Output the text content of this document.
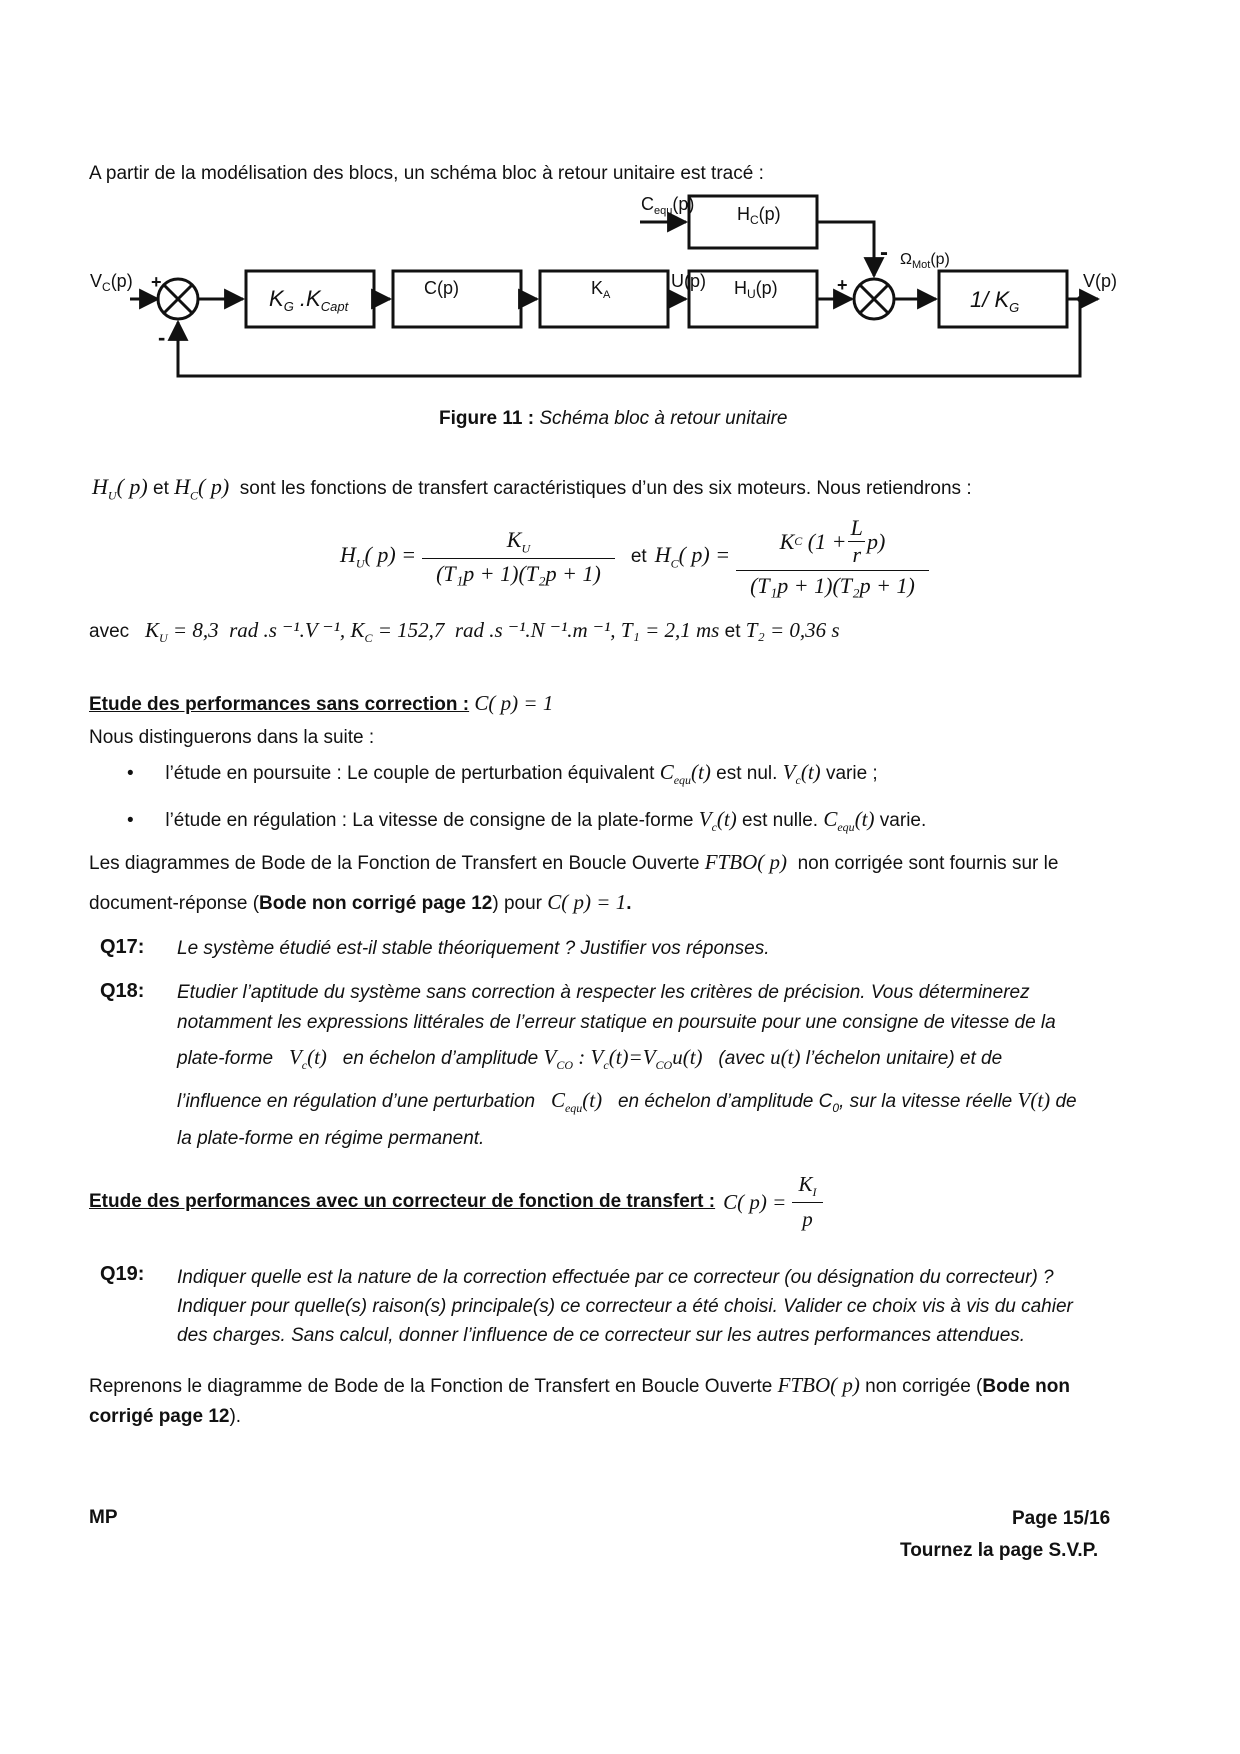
A partir de la modélisation des blocs, un schéma bloc à retour unitaire est tracé :
$V_C(p)$ +
-
$K_G$ $.K_{Capt}$
C(p)	$K_A$
U(p) $H_U(p)$
$H_C(p)$
$C_{equ}(p)$
$\Omega_{Mot}(p)$
+
-
1/ $K_G$
V(p)
Figure 11 : Schéma bloc à retour unitaire
$H_U$( p) et $H_C$( p) sont les fonctions de transfert caractéristiques d’un des six moteurs. Nous retiendrons :
$H_U$( $p) = \frac{K_U}{\text{(T₁p + 1)(T₂p + 1)}}$ et $H_C$( $p) = \frac{K C (1 + \frac{L}{r} p)}{\text{(T₁p + 1)(T₂p + 1)}}$
avec $K_U = 8,3$  rad .s ⁻¹.V ⁻¹, $K_C = 152,7$  rad .s ⁻¹.N ⁻¹.m ⁻¹, T₁ = 2,1 ms et T₂ = 0,36 s
Etude des performances sans correction : C( p) = 1
Nous distinguerons dans la suite :
• l’étude en poursuite : Le couple de perturbation équivalent $C_{equ}(t)$ est nul. $V_c(t)$ varie ;
• l’étude en régulation : La vitesse de consigne de la plate-forme $V_c(t)$ est nulle. $C_{equ}(t)$ varie.
Les diagrammes de Bode de la Fonction de Transfert en Boucle Ouverte FTBO( p) non corrigée sont fournis sur le
document-réponse (Bode non corrigé page 12) pour C( p) = 1.
Q17: Le système étudié est-il stable théoriquement ? Justifier vos réponses.
Q18: Etudier l’aptitude du système sans correction à respecter les critères de précision. Vous déterminerez
notamment les expressions littérales de l’erreur statique en poursuite pour une consigne de vitesse de la
plate-forme $V_c(t)$ en échelon d’amplitude $V_{CO}$ : $V_c(t)=V_{CO}u(t)$ (avec u(t) l’échelon unitaire) et de
l’influence en régulation d’une perturbation $C_{equ}(t)$ en échelon d’amplitude $C_0$, sur la vitesse réelle V(t) de
la plate-forme en régime permanent.
Etude des performances avec un correcteur de fonction de transfert : C( $p) = \frac{K_I}{p}$
Q19: Indiquer quelle est la nature de la correction effectuée par ce correcteur (ou désignation du correcteur) ?
Indiquer pour quelle(s) raison(s) principale(s) ce correcteur a été choisi. Valider ce choix vis à vis du cahier
des charges. Sans calcul, donner l’influence de ce correcteur sur les autres performances attendues.
Reprenons le diagramme de Bode de la Fonction de Transfert en Boucle Ouverte FTBO( p) non corrigée (Bode non
corrigé page 12).
MP	Page 15/16
Tournez la page S.V.P.
